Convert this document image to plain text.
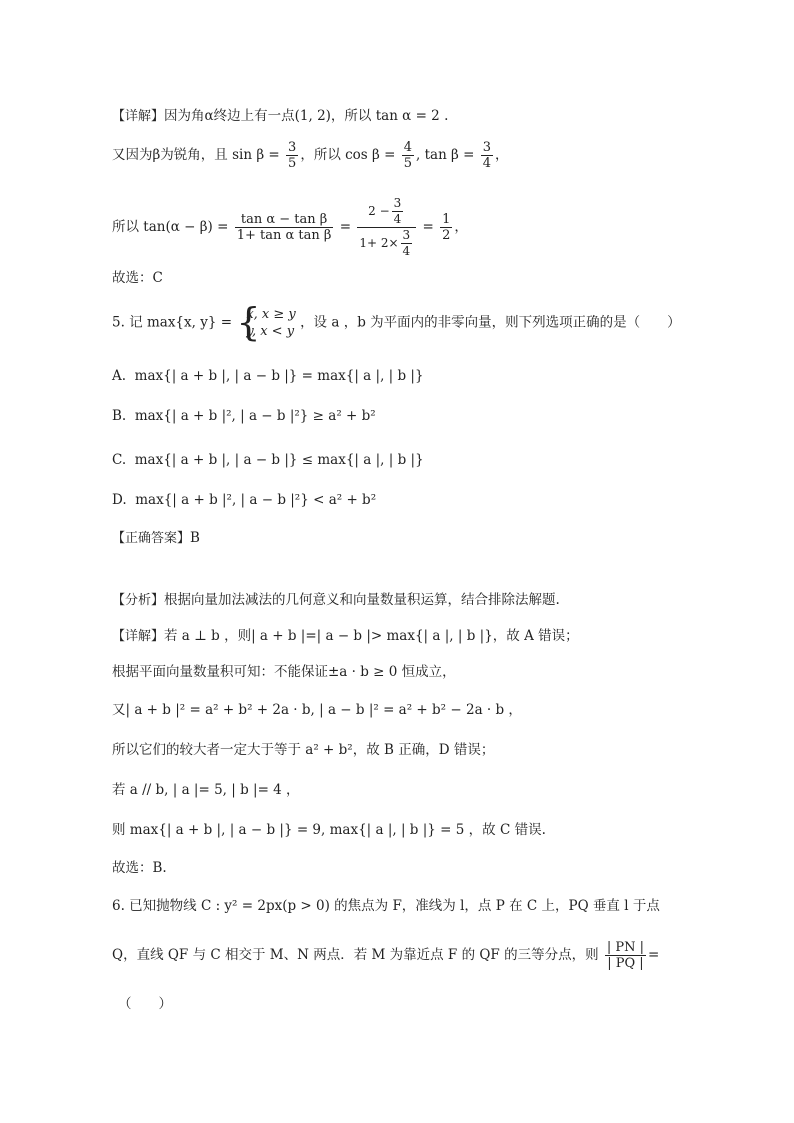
【详解】因为角α终边上有一点(1, 2)，所以 tan α = 2 .
又因为β为锐角，且 $\sin \beta = \frac{3}{5}$ ，所以 $\cos \beta = \frac{4}{5}$ , $\tan \beta = \frac{3}{4}$ ，
所以 $\tan(\alpha - \beta) = \frac{\text{tan α − tan β}}{\text{1+ tan α tan β}} = \frac{2 - \frac{3}{4}}{1+ 2\times \frac{3}{4}} = \frac{1}{2}$ ，
故选：C
5. 记 max{x, y} = {
x, x ≥ y
y, x < y
，设 a ，b 为平面内的非零向量，则下列选项正确的是（　　）
A. max{| a + b |, | a − b |} = max{| a |, | b |}
B. max{| a + b |², | a − b |²} ≥ a² + b²
C. max{| a + b |, | a − b |} ≤ max{| a |, | b |}
D. max{| a + b |², | a − b |²} < a² + b²
【正确答案】B
【分析】根据向量加法减法的几何意义和向量数量积运算，结合排除法解题.
【详解】若 a ⊥ b ，则| a + b |=| a − b |> max{| a |, | b |}，故 A 错误；
根据平面向量数量积可知：不能保证±a · b ≥ 0 恒成立，
又| a + b |² = a² + b² + 2a · b, | a − b |² = a² + b² − 2a · b ，
所以它们的较大者一定大于等于 a² + b²，故 B 正确，D 错误；
若 a // b, | a |= 5, | b |= 4 ，
则 max{| a + b |, | a − b |} = 9, max{| a |, | b |} = 5 ，故 C 错误.
故选：B.
6. 已知抛物线 C : y² = 2px(p > 0) 的焦点为 F，准线为 l，点 P 在 C 上，PQ 垂直 l 于点
Q，直线 QF 与 C 相交于 M、N 两点．若 M 为靠近点 F 的 QF 的三等分点，则 $\frac{| PN |}{| PQ |}$ =
（　　）
